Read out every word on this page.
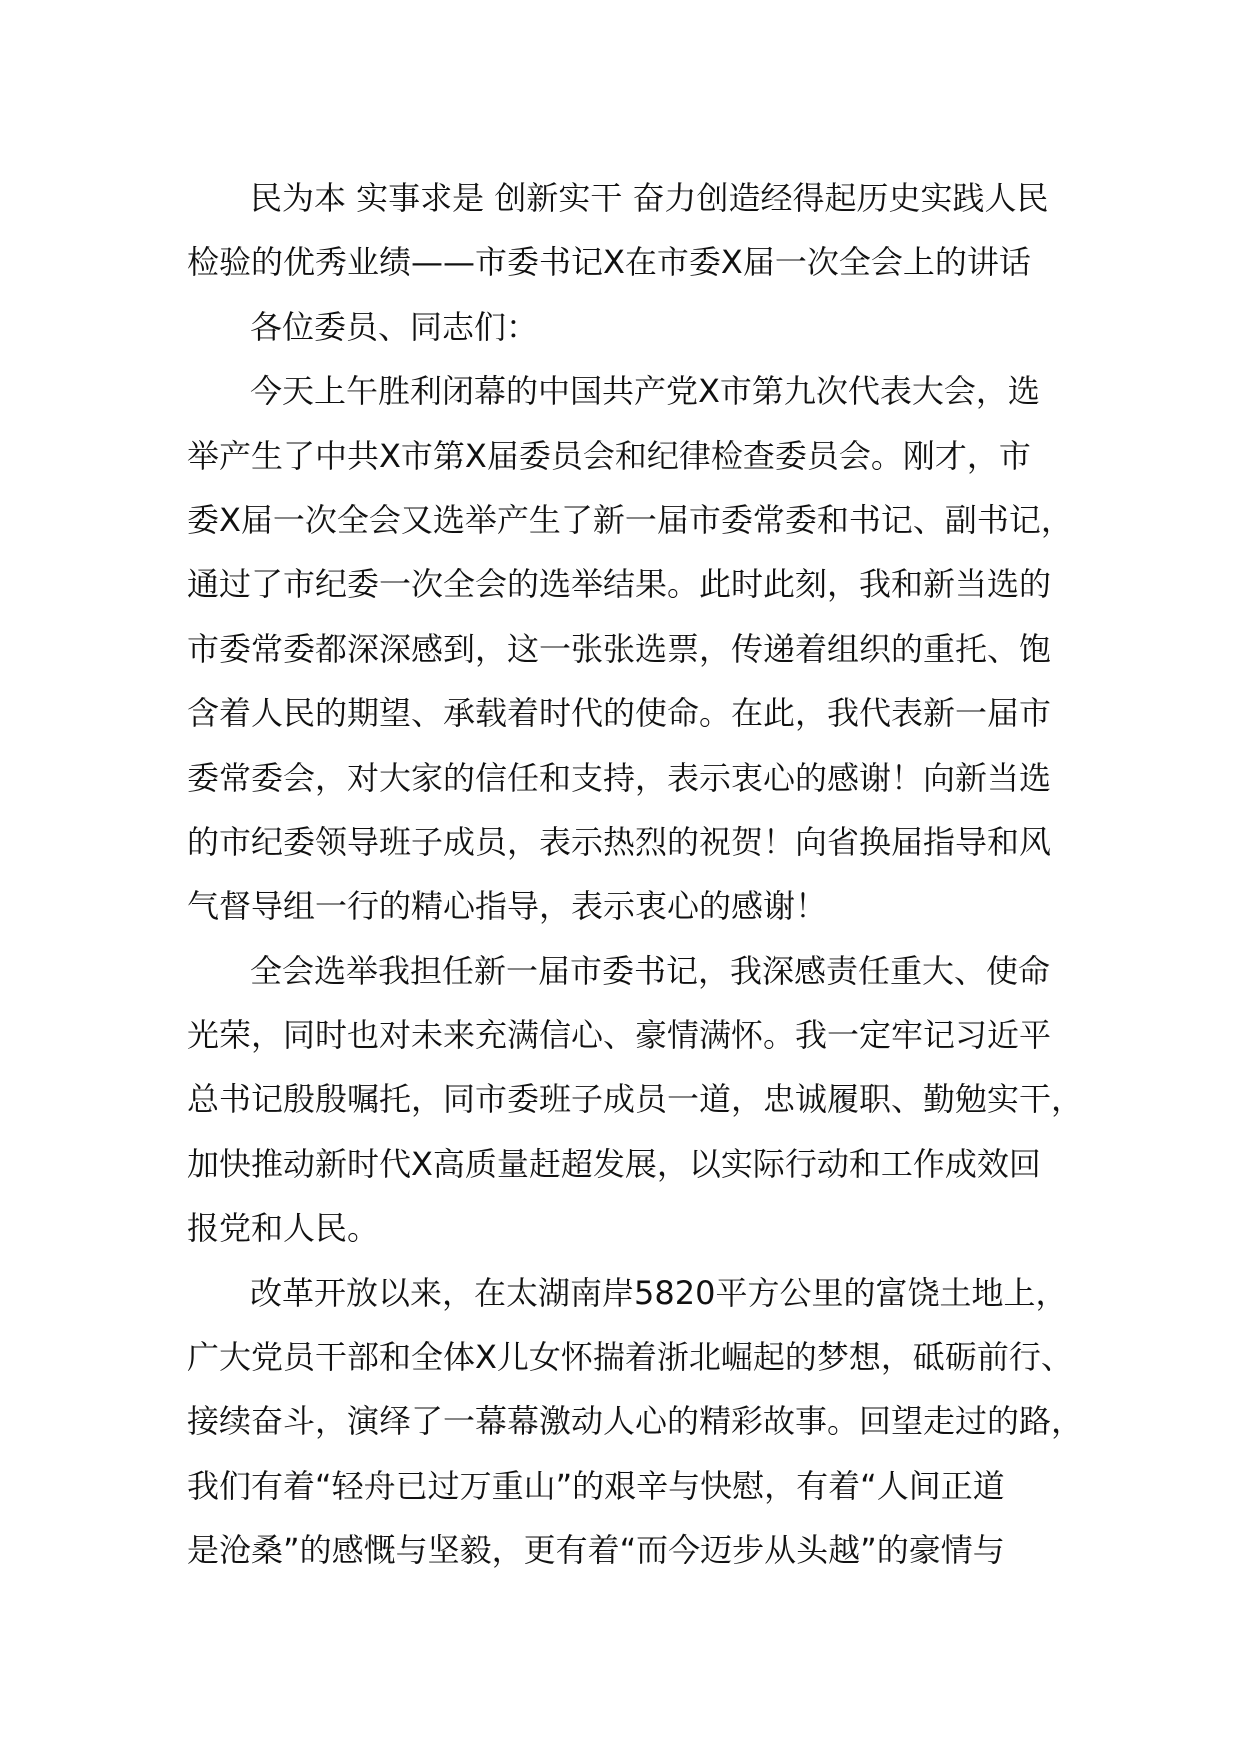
民为本 实事求是 创新实干 奋力创造经得起历史实践人民
检验的优秀业绩——市委书记X在市委X届一次全会上的讲话
各位委员、同志们：
今天上午胜利闭幕的中国共产党X市第九次代表大会，选
举产生了中共X市第X届委员会和纪律检查委员会。刚才，市
委X届一次全会又选举产生了新一届市委常委和书记、副书记，
通过了市纪委一次全会的选举结果。此时此刻，我和新当选的
市委常委都深深感到，这一张张选票，传递着组织的重托、饱
含着人民的期望、承载着时代的使命。在此，我代表新一届市
委常委会，对大家的信任和支持，表示衷心的感谢！向新当选
的市纪委领导班子成员，表示热烈的祝贺！向省换届指导和风
气督导组一行的精心指导，表示衷心的感谢！
全会选举我担任新一届市委书记，我深感责任重大、使命
光荣，同时也对未来充满信心、豪情满怀。我一定牢记习近平
总书记殷殷嘱托，同市委班子成员一道，忠诚履职、勤勉实干，
加快推动新时代X高质量赶超发展，以实际行动和工作成效回
报党和人民。
改革开放以来，在太湖南岸5820平方公里的富饶土地上，
广大党员干部和全体X儿女怀揣着浙北崛起的梦想，砥砺前行、
接续奋斗，演绎了一幕幕激动人心的精彩故事。回望走过的路，
我们有着“轻舟已过万重山”的艰辛与快慰，有着“人间正道
是沧桑”的感慨与坚毅，更有着“而今迈步从头越”的豪情与
